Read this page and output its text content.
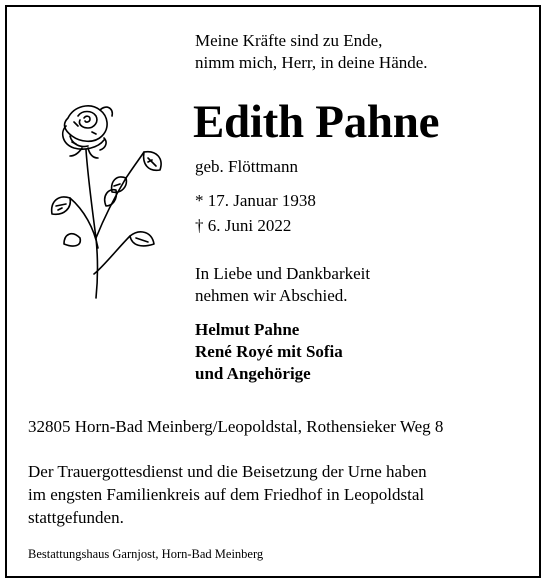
Meine Kräfte sind zu Ende,
nimm mich, Herr, in deine Hände.
Edith Pahne
geb. Flöttmann
* 17. Januar 1938
† 6. Juni 2022
In Liebe und Dankbarkeit
nehmen wir Abschied.
Helmut Pahne
René Royé mit Sofia
und Angehörige
32805 Horn-Bad Meinberg/Leopoldstal, Rothensieker Weg 8
Der Trauergottesdienst und die Beisetzung der Urne haben
im engsten Familienkreis auf dem Friedhof in Leopoldstal
stattgefunden.
Bestattungshaus Garnjost, Horn-Bad Meinberg
